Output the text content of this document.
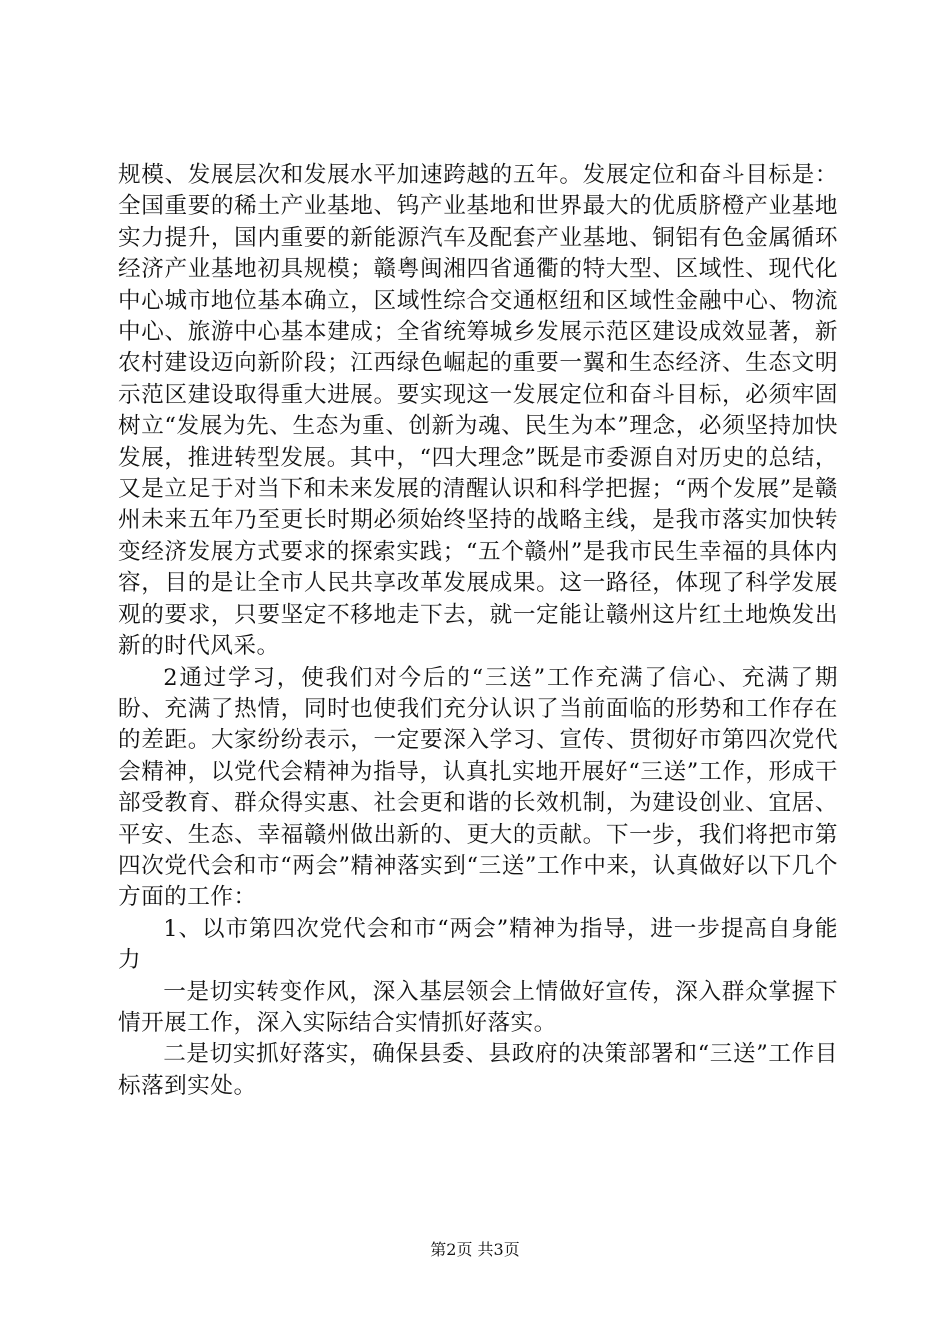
规模、发展层次和发展水平加速跨越的五年。发展定位和奋斗目标是：全国重要的稀土产业基地、钨产业基地和世界最大的优质脐橙产业基地实力提升，国内重要的新能源汽车及配套产业基地、铜铝有色金属循环经济产业基地初具规模；赣粤闽湘四省通衢的特大型、区域性、现代化中心城市地位基本确立，区域性综合交通枢纽和区域性金融中心、物流中心、旅游中心基本建成；全省统筹城乡发展示范区建设成效显著，新农村建设迈向新阶段；江西绿色崛起的重要一翼和生态经济、生态文明示范区建设取得重大进展。要实现这一发展定位和奋斗目标，必须牢固树立“发展为先、生态为重、创新为魂、民生为本”理念，必须坚持加快发展，推进转型发展。其中，“四大理念”既是市委源自对历史的总结，又是立足于对当下和未来发展的清醒认识和科学把握；“两个发展”是赣州未来五年乃至更长时期必须始终坚持的战略主线，是我市落实加快转变经济发展方式要求的探索实践；“五个赣州”是我市民生幸福的具体内容，目的是让全市人民共享改革发展成果。这一路径，体现了科学发展观的要求，只要坚定不移地走下去，就一定能让赣州这片红土地焕发出新的时代风采。

2通过学习，使我们对今后的“三送”工作充满了信心、充满了期盼、充满了热情，同时也使我们充分认识了当前面临的形势和工作存在的差距。大家纷纷表示，一定要深入学习、宣传、贯彻好市第四次党代会精神，以党代会精神为指导，认真扎实地开展好“三送”工作，形成干部受教育、群众得实惠、社会更和谐的长效机制，为建设创业、宜居、平安、生态、幸福赣州做出新的、更大的贡献。下一步，我们将把市第四次党代会和市“两会”精神落实到“三送”工作中来，认真做好以下几个方面的工作：

1、以市第四次党代会和市“两会”精神为指导，进一步提高自身能力

一是切实转变作风，深入基层领会上情做好宣传，深入群众掌握下情开展工作，深入实际结合实情抓好落实。

二是切实抓好落实，确保县委、县政府的决策部署和“三送”工作目标落到实处。

第2页 共3页
